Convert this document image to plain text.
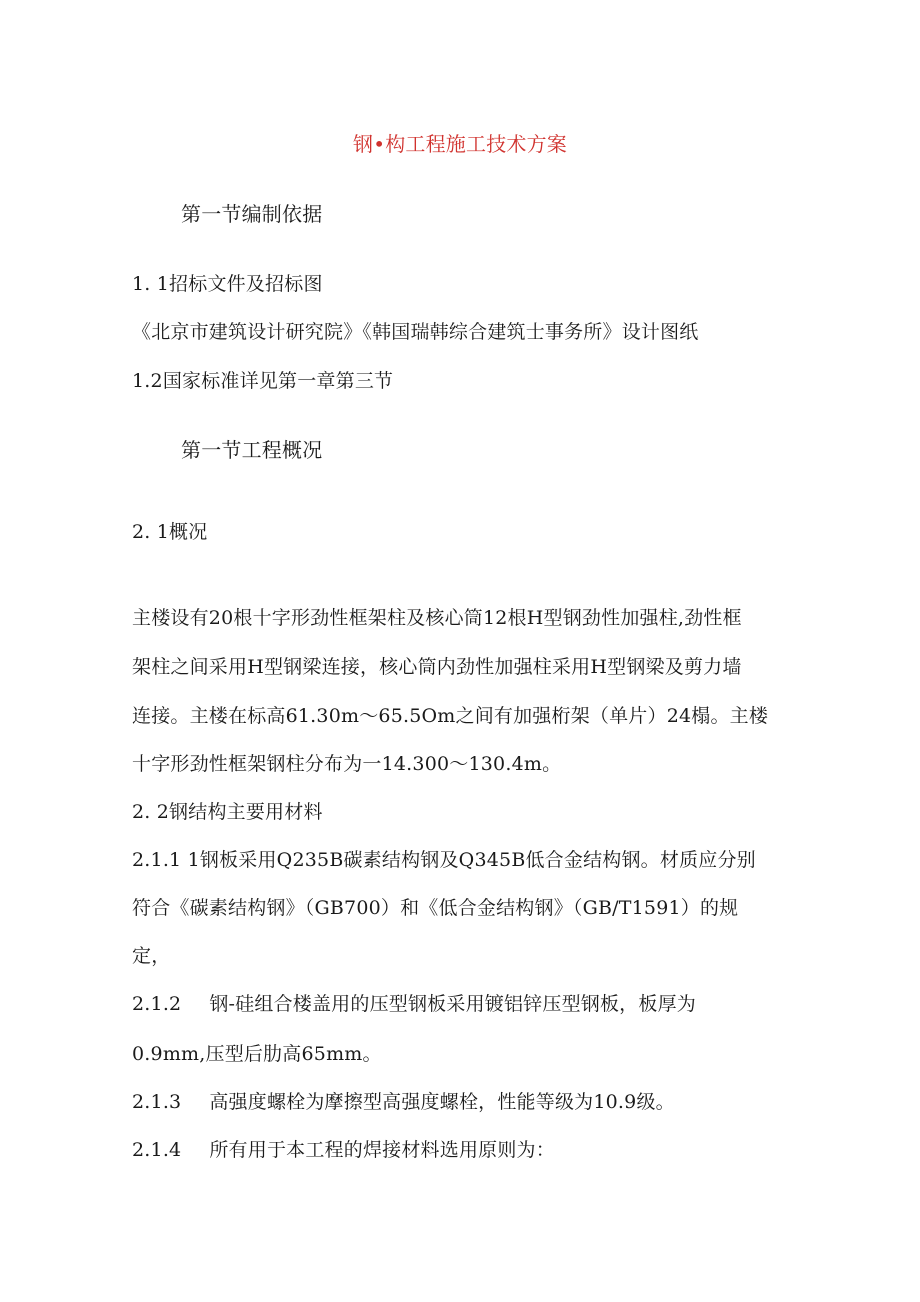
钢•构工程施工技术方案
第一节编制依据
1. 1招标文件及招标图
《北京市建筑设计研究院》《韩国瑞韩综合建筑士事务所》设计图纸
1.2国家标准详见第一章第三节
第一节工程概况
2. 1概况
主楼设有20根十字形劲性框架柱及核心筒12根H型钢劲性加强柱,劲性框
架柱之间采用H型钢梁连接，核心筒内劲性加强柱采用H型钢梁及剪力墙
连接。主楼在标高61.30m～65.5Om之间有加强桁架（单片）24榻。主楼
十字形劲性框架钢柱分布为一14.300～130.4m。
2. 2钢结构主要用材料
2.1.1 1钢板采用Q235B碳素结构钢及Q345B低合金结构钢。材质应分别
符合《碳素结构钢》（GB700）和《低合金结构钢》（GB/T1591）的规
定，
2.1.2 钢-硅组合楼盖用的压型钢板采用镀铝锌压型钢板，板厚为
0.9mm,压型后肋高65mm。
2.1.3 高强度螺栓为摩擦型高强度螺栓，性能等级为10.9级。
2.1.4 所有用于本工程的焊接材料选用原则为：
